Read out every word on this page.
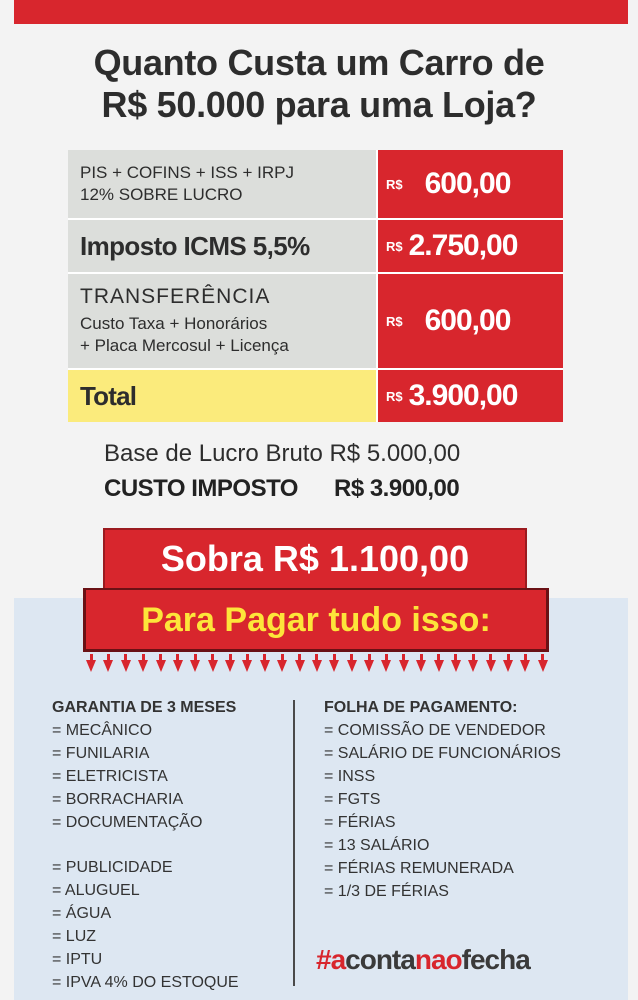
Quanto Custa um Carro de
R$ 50.000 para uma Loja?
PIS + COFINS + ISS + IRPJ
12% SOBRE LUCRO
R$ 600,00
Imposto ICMS 5,5%	R$ 2.750,00
TRANSFERÊNCIA
Custo Taxa + Honorários
+ Placa Mercosul + Licença
R$ 600,00
Total	R$ 3.900,00
Base de Lucro Bruto R$ 5.000,00
CUSTO IMPOSTO R$ 3.900,00
Sobra R$ 1.100,00
Para Pagar tudo isso:
GARANTIA DE 3 MESES
= MECÂNICO
= FUNILARIA
= ELETRICISTA
= BORRACHARIA
= DOCUMENTAÇÃO
= PUBLICIDADE
= ALUGUEL
= ÁGUA
= LUZ
= IPTU
= IPVA 4% DO ESTOQUE
FOLHA DE PAGAMENTO:
= COMISSÃO DE VENDEDOR
= SALÁRIO DE FUNCIONÁRIOS
= INSS
= FGTS
= FÉRIAS
= 13 SALÁRIO
= FÉRIAS REMUNERADA
= 1/3 DE FÉRIAS
#acontanaofecha
